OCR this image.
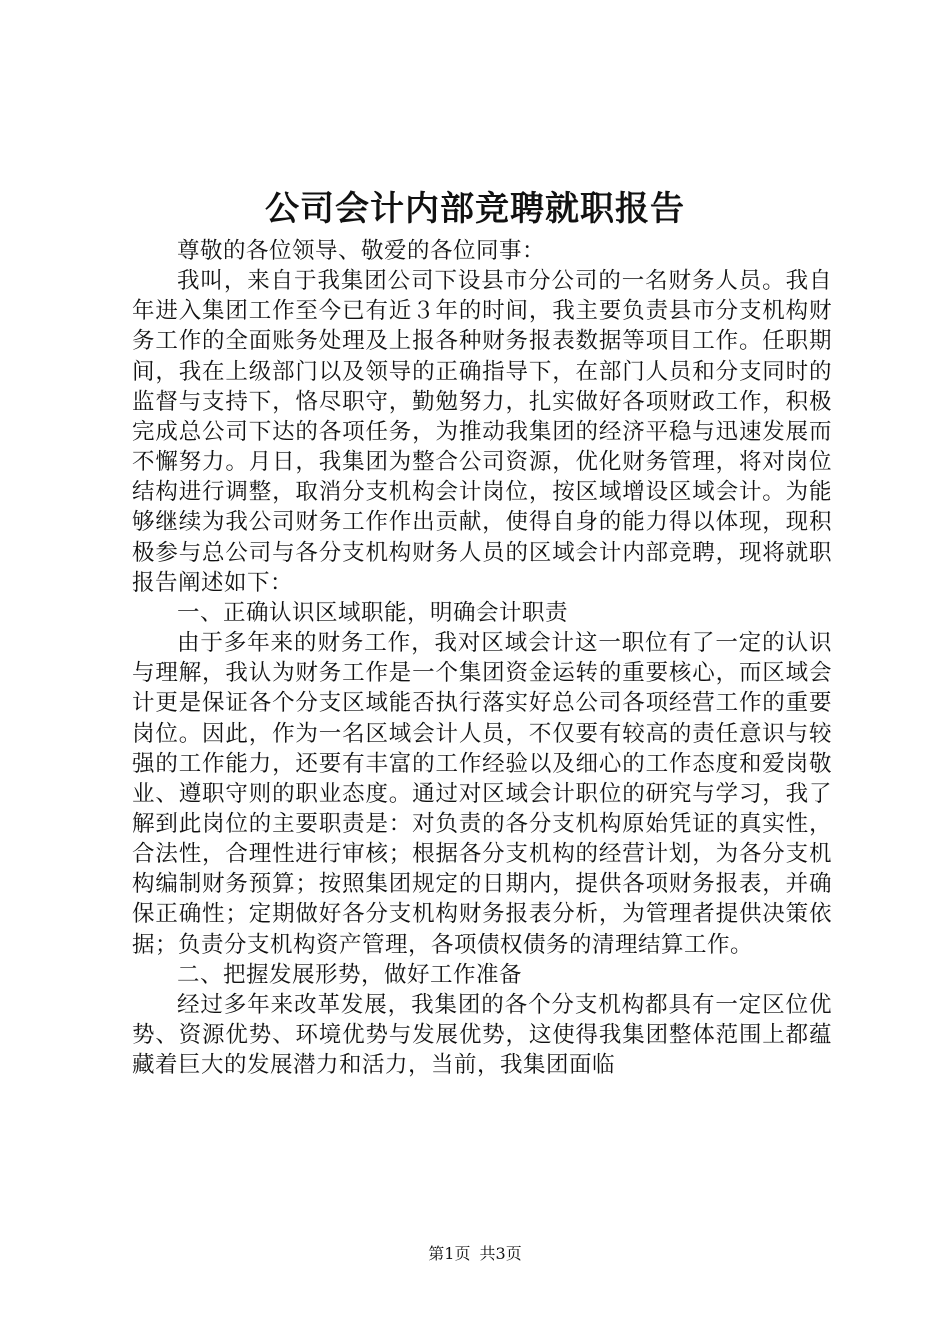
公司会计内部竞聘就职报告

尊敬的各位领导、敬爱的各位同事：

我叫，来自于我集团公司下设县市分公司的一名财务人员。我自年进入集团工作至今已有近３年的时间，我主要负责县市分支机构财务工作的全面账务处理及上报各种财务报表数据等项目工作。任职期间，我在上级部门以及领导的正确指导下，在部门人员和分支同时的监督与支持下，恪尽职守，勤勉努力，扎实做好各项财政工作，积极完成总公司下达的各项任务，为推动我集团的经济平稳与迅速发展而不懈努力。月日，我集团为整合公司资源，优化财务管理，将对岗位结构进行调整，取消分支机构会计岗位，按区域增设区域会计。为能够继续为我公司财务工作作出贡献，使得自身的能力得以体现，现积极参与总公司与各分支机构财务人员的区域会计内部竞聘，现将就职报告阐述如下：

一、正确认识区域职能，明确会计职责

由于多年来的财务工作，我对区域会计这一职位有了一定的认识与理解，我认为财务工作是一个集团资金运转的重要核心，而区域会计更是保证各个分支区域能否执行落实好总公司各项经营工作的重要岗位。因此，作为一名区域会计人员，不仅要有较高的责任意识与较强的工作能力，还要有丰富的工作经验以及细心的工作态度和爱岗敬业、遵职守则的职业态度。通过对区域会计职位的研究与学习，我了解到此岗位的主要职责是：对负责的各分支机构原始凭证的真实性，合法性，合理性进行审核；根据各分支机构的经营计划，为各分支机构编制财务预算；按照集团规定的日期内，提供各项财务报表，并确保正确性；定期做好各分支机构财务报表分析，为管理者提供决策依据；负责分支机构资产管理，各项债权债务的清理结算工作。

二、把握发展形势，做好工作准备

经过多年来改革发展，我集团的各个分支机构都具有一定区位优势、资源优势、环境优势与发展优势，这使得我集团整体范围上都蕴藏着巨大的发展潜力和活力，当前，我集团面临

第1页 共3页
